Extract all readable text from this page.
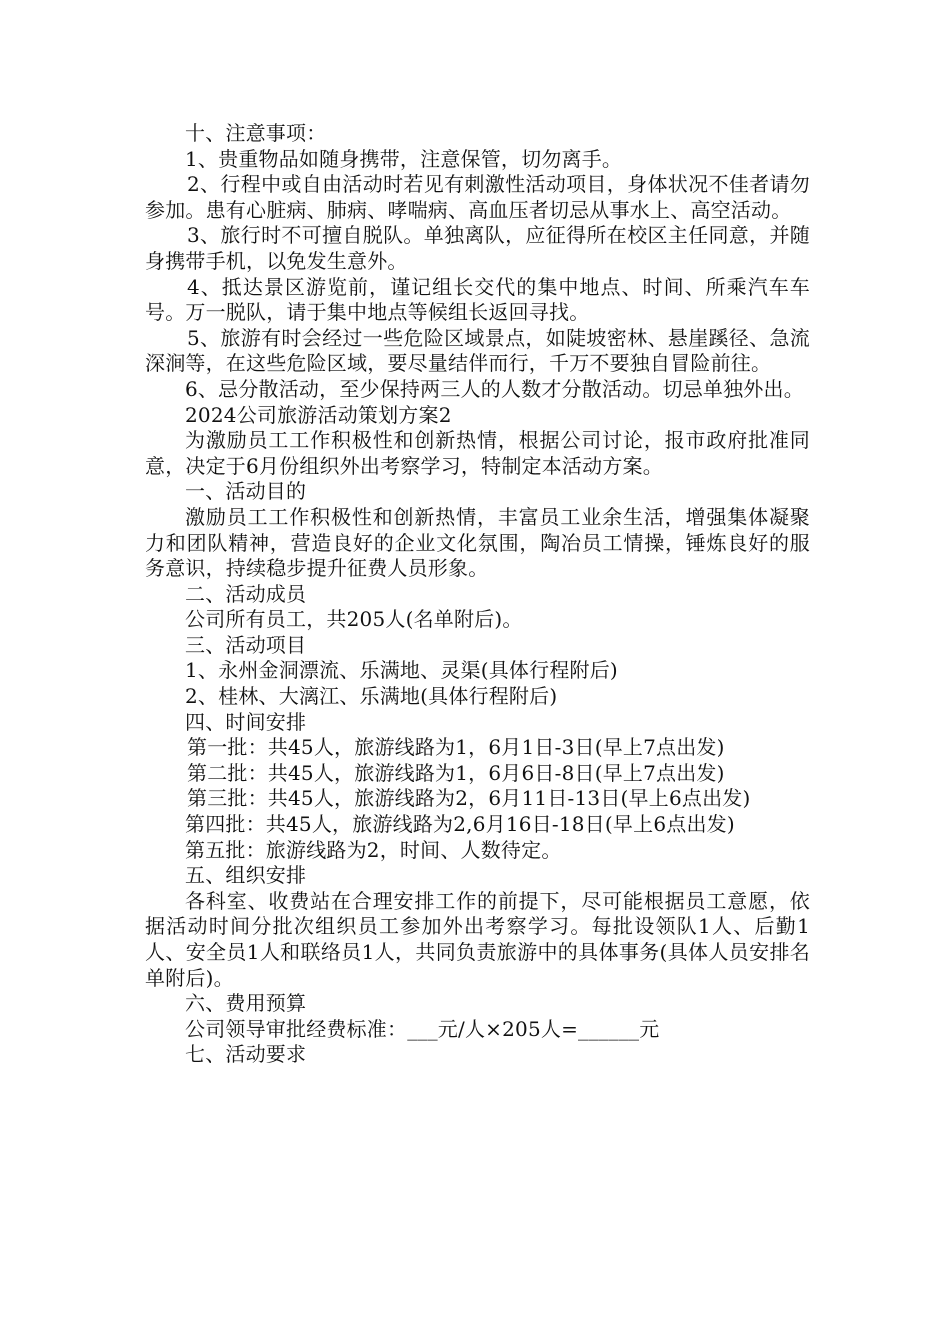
十、注意事项：

1、贵重物品如随身携带，注意保管，切勿离手。

2、行程中或自由活动时若见有刺激性活动项目，身体状况不佳者请勿参加。患有心脏病、肺病、哮喘病、高血压者切忌从事水上、高空活动。

3、旅行时不可擅自脱队。单独离队，应征得所在校区主任同意，并随身携带手机，以免发生意外。

4、抵达景区游览前，谨记组长交代的集中地点、时间、所乘汽车车号。万一脱队，请于集中地点等候组长返回寻找。

5、旅游有时会经过一些危险区域景点，如陡坡密林、悬崖蹊径、急流深涧等，在这些危险区域，要尽量结伴而行，千万不要独自冒险前往。

6、忌分散活动，至少保持两三人的人数才分散活动。切忌单独外出。

2024公司旅游活动策划方案2

为激励员工工作积极性和创新热情，根据公司讨论，报市政府批准同意，决定于6月份组织外出考察学习，特制定本活动方案。

一、活动目的

激励员工工作积极性和创新热情，丰富员工业余生活，增强集体凝聚力和团队精神，营造良好的企业文化氛围，陶冶员工情操，锤炼良好的服务意识，持续稳步提升征费人员形象。

二、活动成员

公司所有员工，共205人(名单附后)。

三、活动项目

1、永州金洞漂流、乐满地、灵渠(具体行程附后)

2、桂林、大漓江、乐满地(具体行程附后)

四、时间安排

第一批：共45人，旅游线路为1，6月1日-3日(早上7点出发)

第二批：共45人，旅游线路为1，6月6日-8日(早上7点出发)

第三批：共45人，旅游线路为2，6月11日-13日(早上6点出发)

第四批：共45人，旅游线路为2,6月16日-18日(早上6点出发)

第五批：旅游线路为2，时间、人数待定。

五、组织安排

各科室、收费站在合理安排工作的前提下，尽可能根据员工意愿，依据活动时间分批次组织员工参加外出考察学习。每批设领队1人、后勤1人、安全员1人和联络员1人，共同负责旅游中的具体事务(具体人员安排名单附后)。

六、费用预算

公司领导审批经费标准：___元/人×205人=______元

七、活动要求
